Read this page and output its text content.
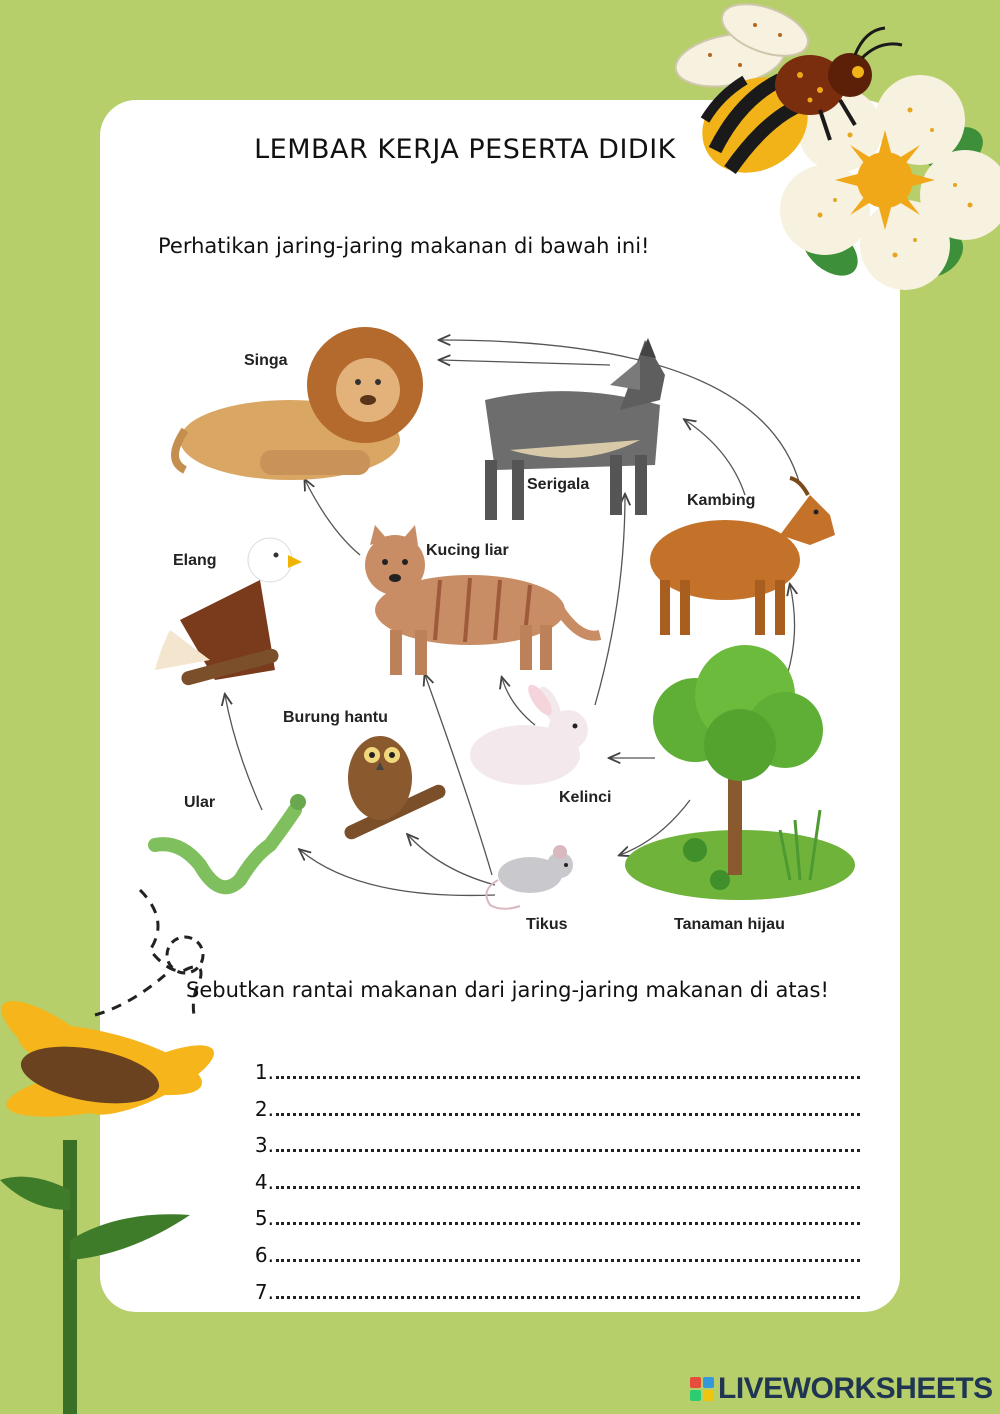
LEMBAR KERJA PESERTA DIDIK
Perhatikan jaring-jaring makanan di bawah ini!
Singa
Serigala
Kambing
Elang
Kucing liar
Burung hantu
Kelinci
Ular
Tikus	Tanaman hijau
Sebutkan rantai makanan dari jaring-jaring makanan di atas!
1.
2.
3.
4.
5.
6.
7.
LIVEWORKSHEETS
